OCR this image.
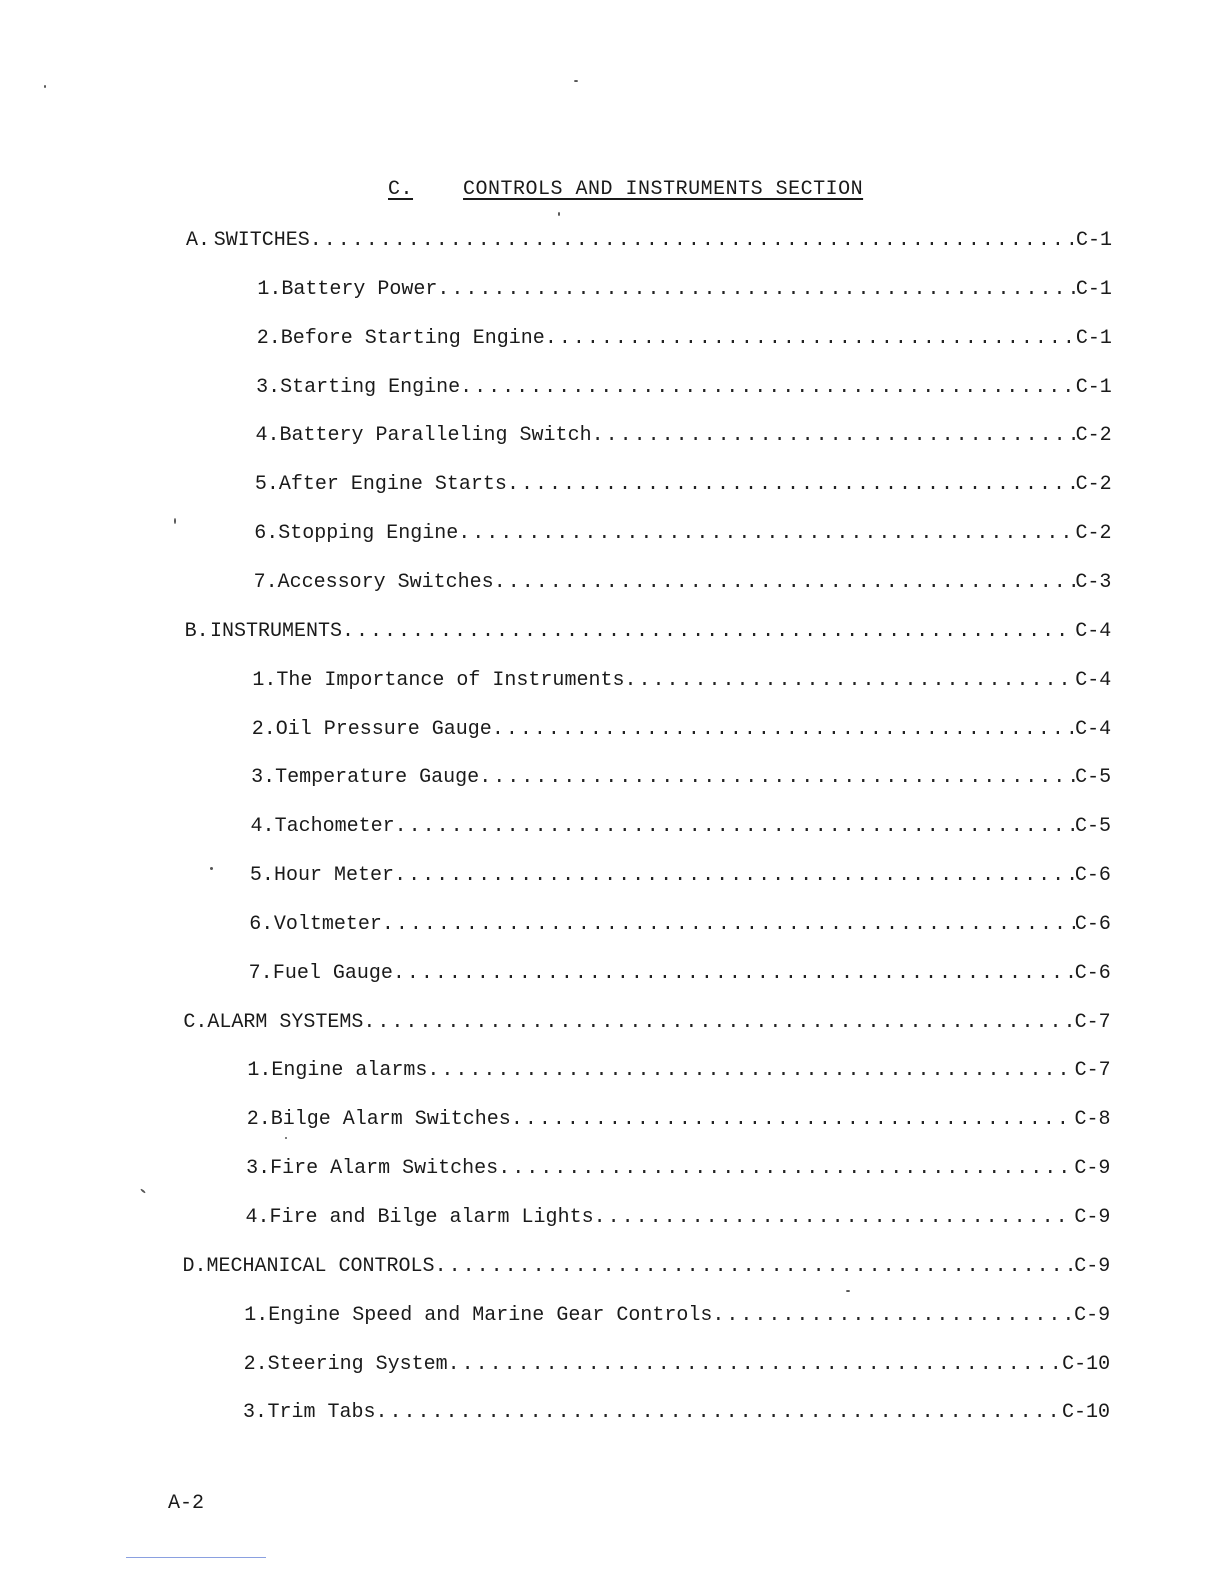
C.	CONTROLS AND INSTRUMENTS SECTION
A. SWITCHES .....	C-1
1. Battery Power .....	C-1
2. Before Starting Engine .....	C-1
3. Starting Engine .....	C-1
4. Battery Paralleling Switch .....	C-2
5. After Engine Starts .....	C-2
6. Stopping Engine .....	C-2
7. Accessory Switches .....	C-3
B. INSTRUMENTS .....	C-4
1. The Importance of Instruments .....	C-4
2. Oil Pressure Gauge .....	C-4
3. Temperature Gauge .....	C-5
4. Tachometer .....	C-5
5. Hour Meter .....	C-6
6. Voltmeter .....	C-6
7. Fuel Gauge .....	C-6
C. ALARM SYSTEMS .....	C-7
1. Engine alarms .....	C-7
2. Bilge Alarm Switches .....	C-8
3. Fire Alarm Switches .....	C-9
4. Fire and Bilge alarm Lights .....	C-9
D. MECHANICAL CONTROLS .....	C-9
1. Engine Speed and Marine Gear Controls .....	C-9
2. Steering System .....	C-10
3. Trim Tabs .....	C-10
A-2
